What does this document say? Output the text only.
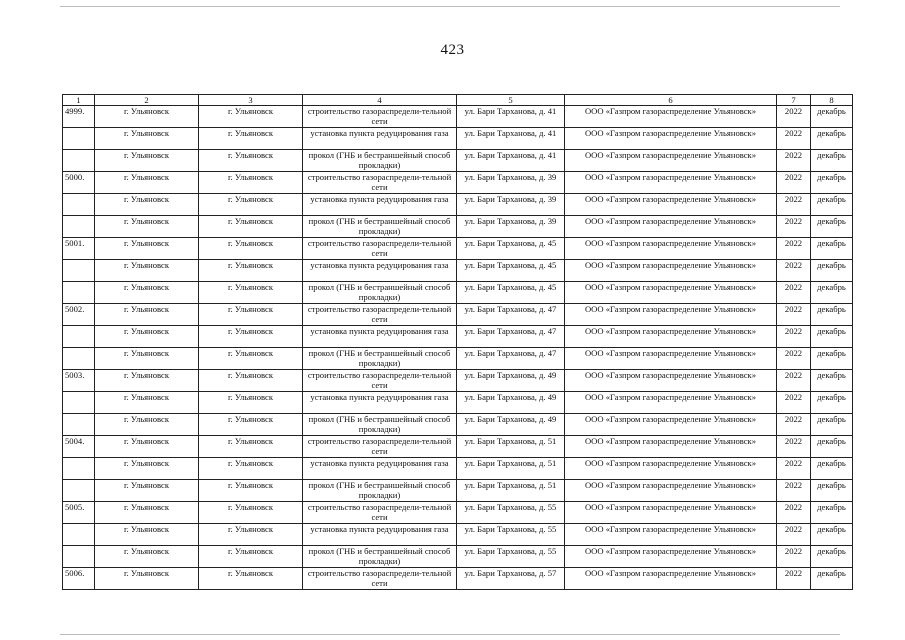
423
1	2	3	4	5	6	7	8
4999.	г. Ульяновск	г. Ульяновск	строительство газораспредели-тельной сети	ул. Бари Тарханова, д. 41	ООО «Газпром газораспределение Ульяновск»	2022	декабрь
	г. Ульяновск	г. Ульяновск	установка пункта редуцирования газа	ул. Бари Тарханова, д. 41	ООО «Газпром газораспределение Ульяновск»	2022	декабрь
	г. Ульяновск	г. Ульяновск	прокол (ГНБ и бестраншейный способ прокладки)	ул. Бари Тарханова, д. 41	ООО «Газпром газораспределение Ульяновск»	2022	декабрь
5000.	г. Ульяновск	г. Ульяновск	строительство газораспредели-тельной сети	ул. Бари Тарханова, д. 39	ООО «Газпром газораспределение Ульяновск»	2022	декабрь
	г. Ульяновск	г. Ульяновск	установка пункта редуцирования газа	ул. Бари Тарханова, д. 39	ООО «Газпром газораспределение Ульяновск»	2022	декабрь
	г. Ульяновск	г. Ульяновск	прокол (ГНБ и бестраншейный способ прокладки)	ул. Бари Тарханова, д. 39	ООО «Газпром газораспределение Ульяновск»	2022	декабрь
5001.	г. Ульяновск	г. Ульяновск	строительство газораспредели-тельной сети	ул. Бари Тарханова, д. 45	ООО «Газпром газораспределение Ульяновск»	2022	декабрь
	г. Ульяновск	г. Ульяновск	установка пункта редуцирования газа	ул. Бари Тарханова, д. 45	ООО «Газпром газораспределение Ульяновск»	2022	декабрь
	г. Ульяновск	г. Ульяновск	прокол (ГНБ и бестраншейный способ прокладки)	ул. Бари Тарханова, д. 45	ООО «Газпром газораспределение Ульяновск»	2022	декабрь
5002.	г. Ульяновск	г. Ульяновск	строительство газораспредели-тельной сети	ул. Бари Тарханова, д. 47	ООО «Газпром газораспределение Ульяновск»	2022	декабрь
	г. Ульяновск	г. Ульяновск	установка пункта редуцирования газа	ул. Бари Тарханова, д. 47	ООО «Газпром газораспределение Ульяновск»	2022	декабрь
	г. Ульяновск	г. Ульяновск	прокол (ГНБ и бестраншейный способ прокладки)	ул. Бари Тарханова, д. 47	ООО «Газпром газораспределение Ульяновск»	2022	декабрь
5003.	г. Ульяновск	г. Ульяновск	строительство газораспредели-тельной сети	ул. Бари Тарханова, д. 49	ООО «Газпром газораспределение Ульяновск»	2022	декабрь
	г. Ульяновск	г. Ульяновск	установка пункта редуцирования газа	ул. Бари Тарханова, д. 49	ООО «Газпром газораспределение Ульяновск»	2022	декабрь
	г. Ульяновск	г. Ульяновск	прокол (ГНБ и бестраншейный способ прокладки)	ул. Бари Тарханова, д. 49	ООО «Газпром газораспределение Ульяновск»	2022	декабрь
5004.	г. Ульяновск	г. Ульяновск	строительство газораспредели-тельной сети	ул. Бари Тарханова, д. 51	ООО «Газпром газораспределение Ульяновск»	2022	декабрь
	г. Ульяновск	г. Ульяновск	установка пункта редуцирования газа	ул. Бари Тарханова, д. 51	ООО «Газпром газораспределение Ульяновск»	2022	декабрь
	г. Ульяновск	г. Ульяновск	прокол (ГНБ и бестраншейный способ прокладки)	ул. Бари Тарханова, д. 51	ООО «Газпром газораспределение Ульяновск»	2022	декабрь
5005.	г. Ульяновск	г. Ульяновск	строительство газораспредели-тельной сети	ул. Бари Тарханова, д. 55	ООО «Газпром газораспределение Ульяновск»	2022	декабрь
	г. Ульяновск	г. Ульяновск	установка пункта редуцирования газа	ул. Бари Тарханова, д. 55	ООО «Газпром газораспределение Ульяновск»	2022	декабрь
	г. Ульяновск	г. Ульяновск	прокол (ГНБ и бестраншейный способ прокладки)	ул. Бари Тарханова, д. 55	ООО «Газпром газораспределение Ульяновск»	2022	декабрь
5006.	г. Ульяновск	г. Ульяновск	строительство газораспредели-тельной сети	ул. Бари Тарханова, д. 57	ООО «Газпром газораспределение Ульяновск»	2022	декабрь
